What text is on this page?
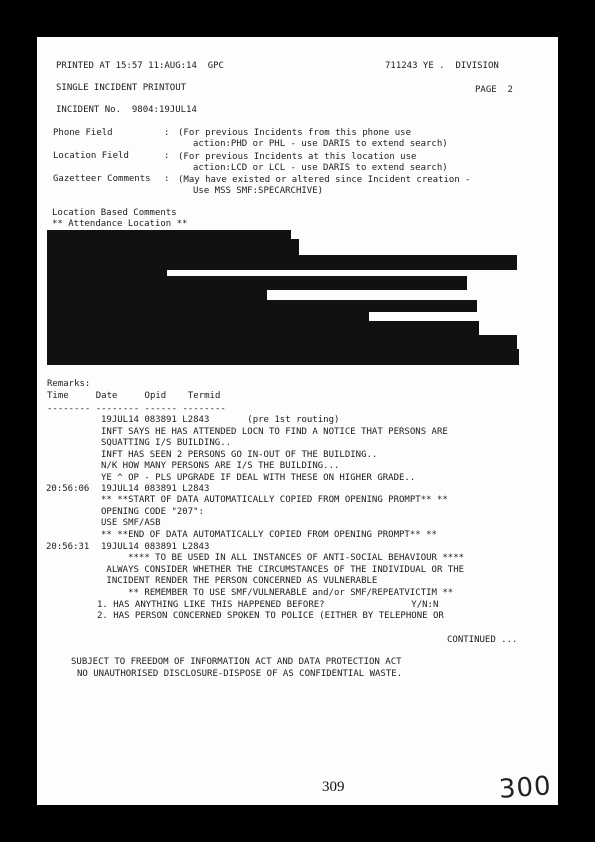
PRINTED AT 15:57 11:AUG:14  GPC	711243 YE .  DIVISION
SINGLE INCIDENT PRINTOUT	PAGE  2
INCIDENT No.  9804:19JUL14
Phone Field	: (For previous Incidents from this phone use
action:PHD or PHL - use DARIS to extend search)
Location Field	: (For previous Incidents at this location use
action:LCD or LCL - use DARIS to extend search)
Gazetteer Comments : (May have existed or altered since Incident creation -
Use MSS SMF:SPECARCHIVE)
Location Based Comments
** Attendance Location **
Remarks:
Time     Date     Opid    Termid
-------- -------- ------ --------
19JUL14 083891 L2843       (pre 1st routing)
INFT SAYS HE HAS ATTENDED LOCN TO FIND A NOTICE THAT PERSONS ARE
SQUATTING I/S BUILDING..
INFT HAS SEEN 2 PERSONS GO IN-OUT OF THE BUILDING..
N/K HOW MANY PERSONS ARE I/S THE BUILDING...
YE ^ OP - PLS UPGRADE IF DEAL WITH THESE ON HIGHER GRADE..
20:56:06 19JUL14 083891 L2843
** **START OF DATA AUTOMATICALLY COPIED FROM OPENING PROMPT** **
OPENING CODE "207":
USE SMF/ASB
** **END OF DATA AUTOMATICALLY COPIED FROM OPENING PROMPT** **
20:56:31 19JUL14 083891 L2843
**** TO BE USED IN ALL INSTANCES OF ANTI-SOCIAL BEHAVIOUR ****
ALWAYS CONSIDER WHETHER THE CIRCUMSTANCES OF THE INDIVIDUAL OR THE
INCIDENT RENDER THE PERSON CONCERNED AS VULNERABLE
** REMEMBER TO USE SMF/VULNERABLE and/or SMF/REPEATVICTIM **
1. HAS ANYTHING LIKE THIS HAPPENED BEFORE?                Y/N:N
2. HAS PERSON CONCERNED SPOKEN TO POLICE (EITHER BY TELEPHONE OR
CONTINUED ...
SUBJECT TO FREEDOM OF INFORMATION ACT AND DATA PROTECTION ACT
NO UNAUTHORISED DISCLOSURE-DISPOSE OF AS CONFIDENTIAL WASTE.
309	300
